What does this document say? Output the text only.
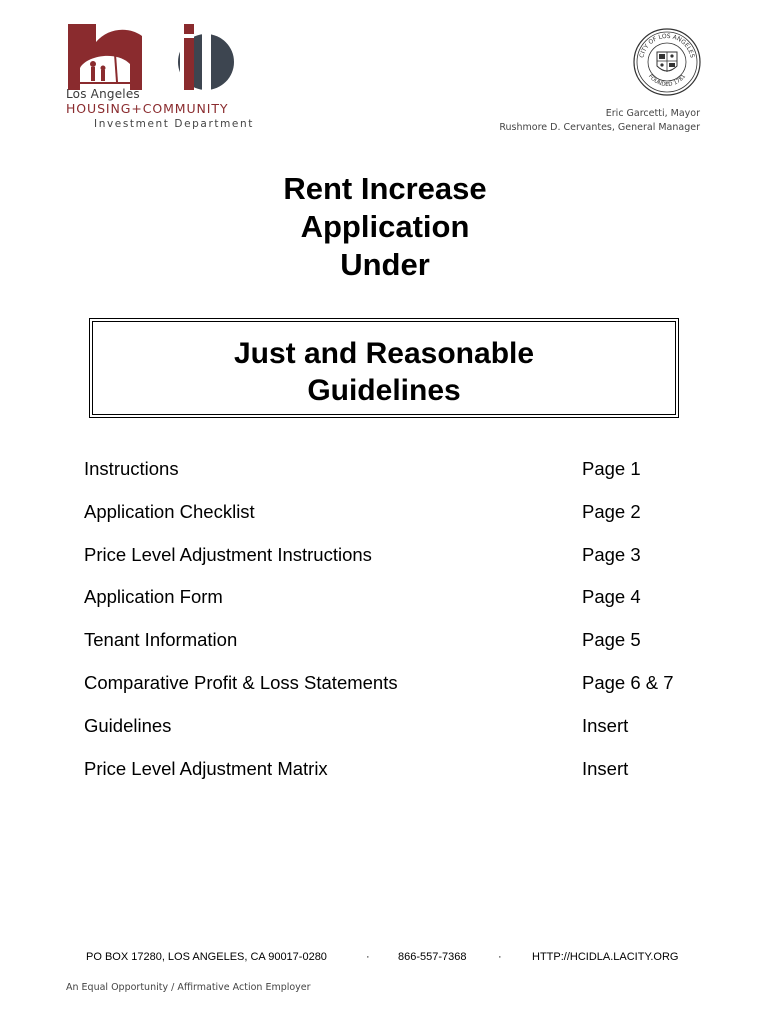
Los Angeles
HOUSING+COMMUNITY
Investment Department
CITY OF LOS ANGELES
FOUNDED 1781
Eric Garcetti, Mayor
Rushmore D. Cervantes, General Manager
Rent Increase
Application
Under
Just and Reasonable
Guidelines
Instructions	Page 1
Application Checklist	Page 2
Price Level Adjustment Instructions	Page 3
Application Form	Page 4
Tenant Information	Page 5
Comparative Profit & Loss Statements	Page 6 & 7
Guidelines	Insert
Price Level Adjustment Matrix	Insert
PO BOX 17280, LOS ANGELES, CA 90017-0280	·	866-557-7368	·	HTTP://HCIDLA.LACITY.ORG
An Equal Opportunity / Affirmative Action Employer
